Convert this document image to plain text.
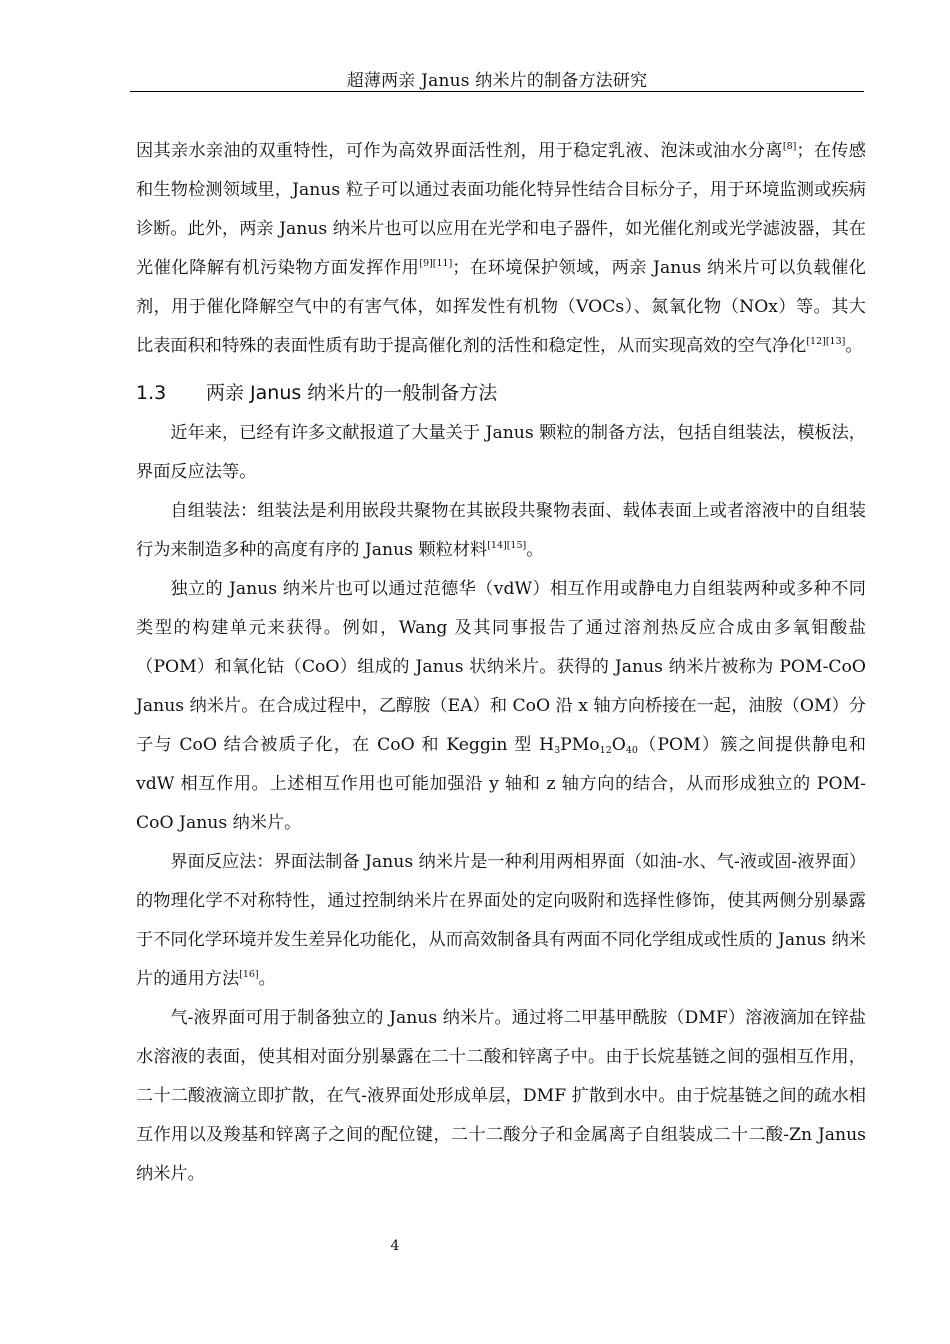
超薄两亲 Janus 纳米片的制备方法研究

因其亲水亲油的双重特性，可作为高效界面活性剂，用于稳定乳液、泡沫或油水分离[8]；在传感和生物检测领域里，Janus 粒子可以通过表面功能化特异性结合目标分子，用于环境监测或疾病诊断。此外，两亲 Janus 纳米片也可以应用在光学和电子器件，如光催化剂或光学滤波器，其在光催化降解有机污染物方面发挥作用[9][11]；在环境保护领域，两亲 Janus 纳米片可以负载催化剂，用于催化降解空气中的有害气体，如挥发性有机物（VOCs）、氮氧化物（NOx）等。其大比表面积和特殊的表面性质有助于提高催化剂的活性和稳定性，从而实现高效的空气净化[12][13]。

1.3 两亲 Janus 纳米片的一般制备方法

近年来，已经有许多文献报道了大量关于 Janus 颗粒的制备方法，包括自组装法，模板法，界面反应法等。

自组装法：组装法是利用嵌段共聚物在其嵌段共聚物表面、载体表面上或者溶液中的自组装行为来制造多种的高度有序的 Janus 颗粒材料[14][15]。

独立的 Janus 纳米片也可以通过范德华（vdW）相互作用或静电力自组装两种或多种不同类型的构建单元来获得。例如，Wang 及其同事报告了通过溶剂热反应合成由多氧钼酸盐（POM）和氧化钴（CoO）组成的 Janus 状纳米片。获得的 Janus 纳米片被称为 POM-CoO Janus 纳米片。在合成过程中，乙醇胺（EA）和 CoO 沿 x 轴方向桥接在一起，油胺（OM）分子与 CoO 结合被质子化，在 CoO 和 Keggin 型 $H_3PMo_{12}O_{40}(POM)$簇之间提供静电和 vdW 相互作用。上述相互作用也可能加强沿 y 轴和 z 轴方向的结合，从而形成独立的 POM-CoO Janus 纳米片。

界面反应法：界面法制备 Janus 纳米片是一种利用两相界面（如油-水、气-液或固-液界面）的物理化学不对称特性，通过控制纳米片在界面处的定向吸附和选择性修饰，使其两侧分别暴露于不同化学环境并发生差异化功能化，从而高效制备具有两面不同化学组成或性质的 Janus 纳米片的通用方法[16]。

气-液界面可用于制备独立的 Janus 纳米片。通过将二甲基甲酰胺（DMF）溶液滴加在锌盐水溶液的表面，使其相对面分别暴露在二十二酸和锌离子中。由于长烷基链之间的强相互作用，二十二酸液滴立即扩散，在气-液界面处形成单层，DMF 扩散到水中。由于烷基链之间的疏水相互作用以及羧基和锌离子之间的配位键，二十二酸分子和金属离子自组装成二十二酸-Zn Janus 纳米片。

4
